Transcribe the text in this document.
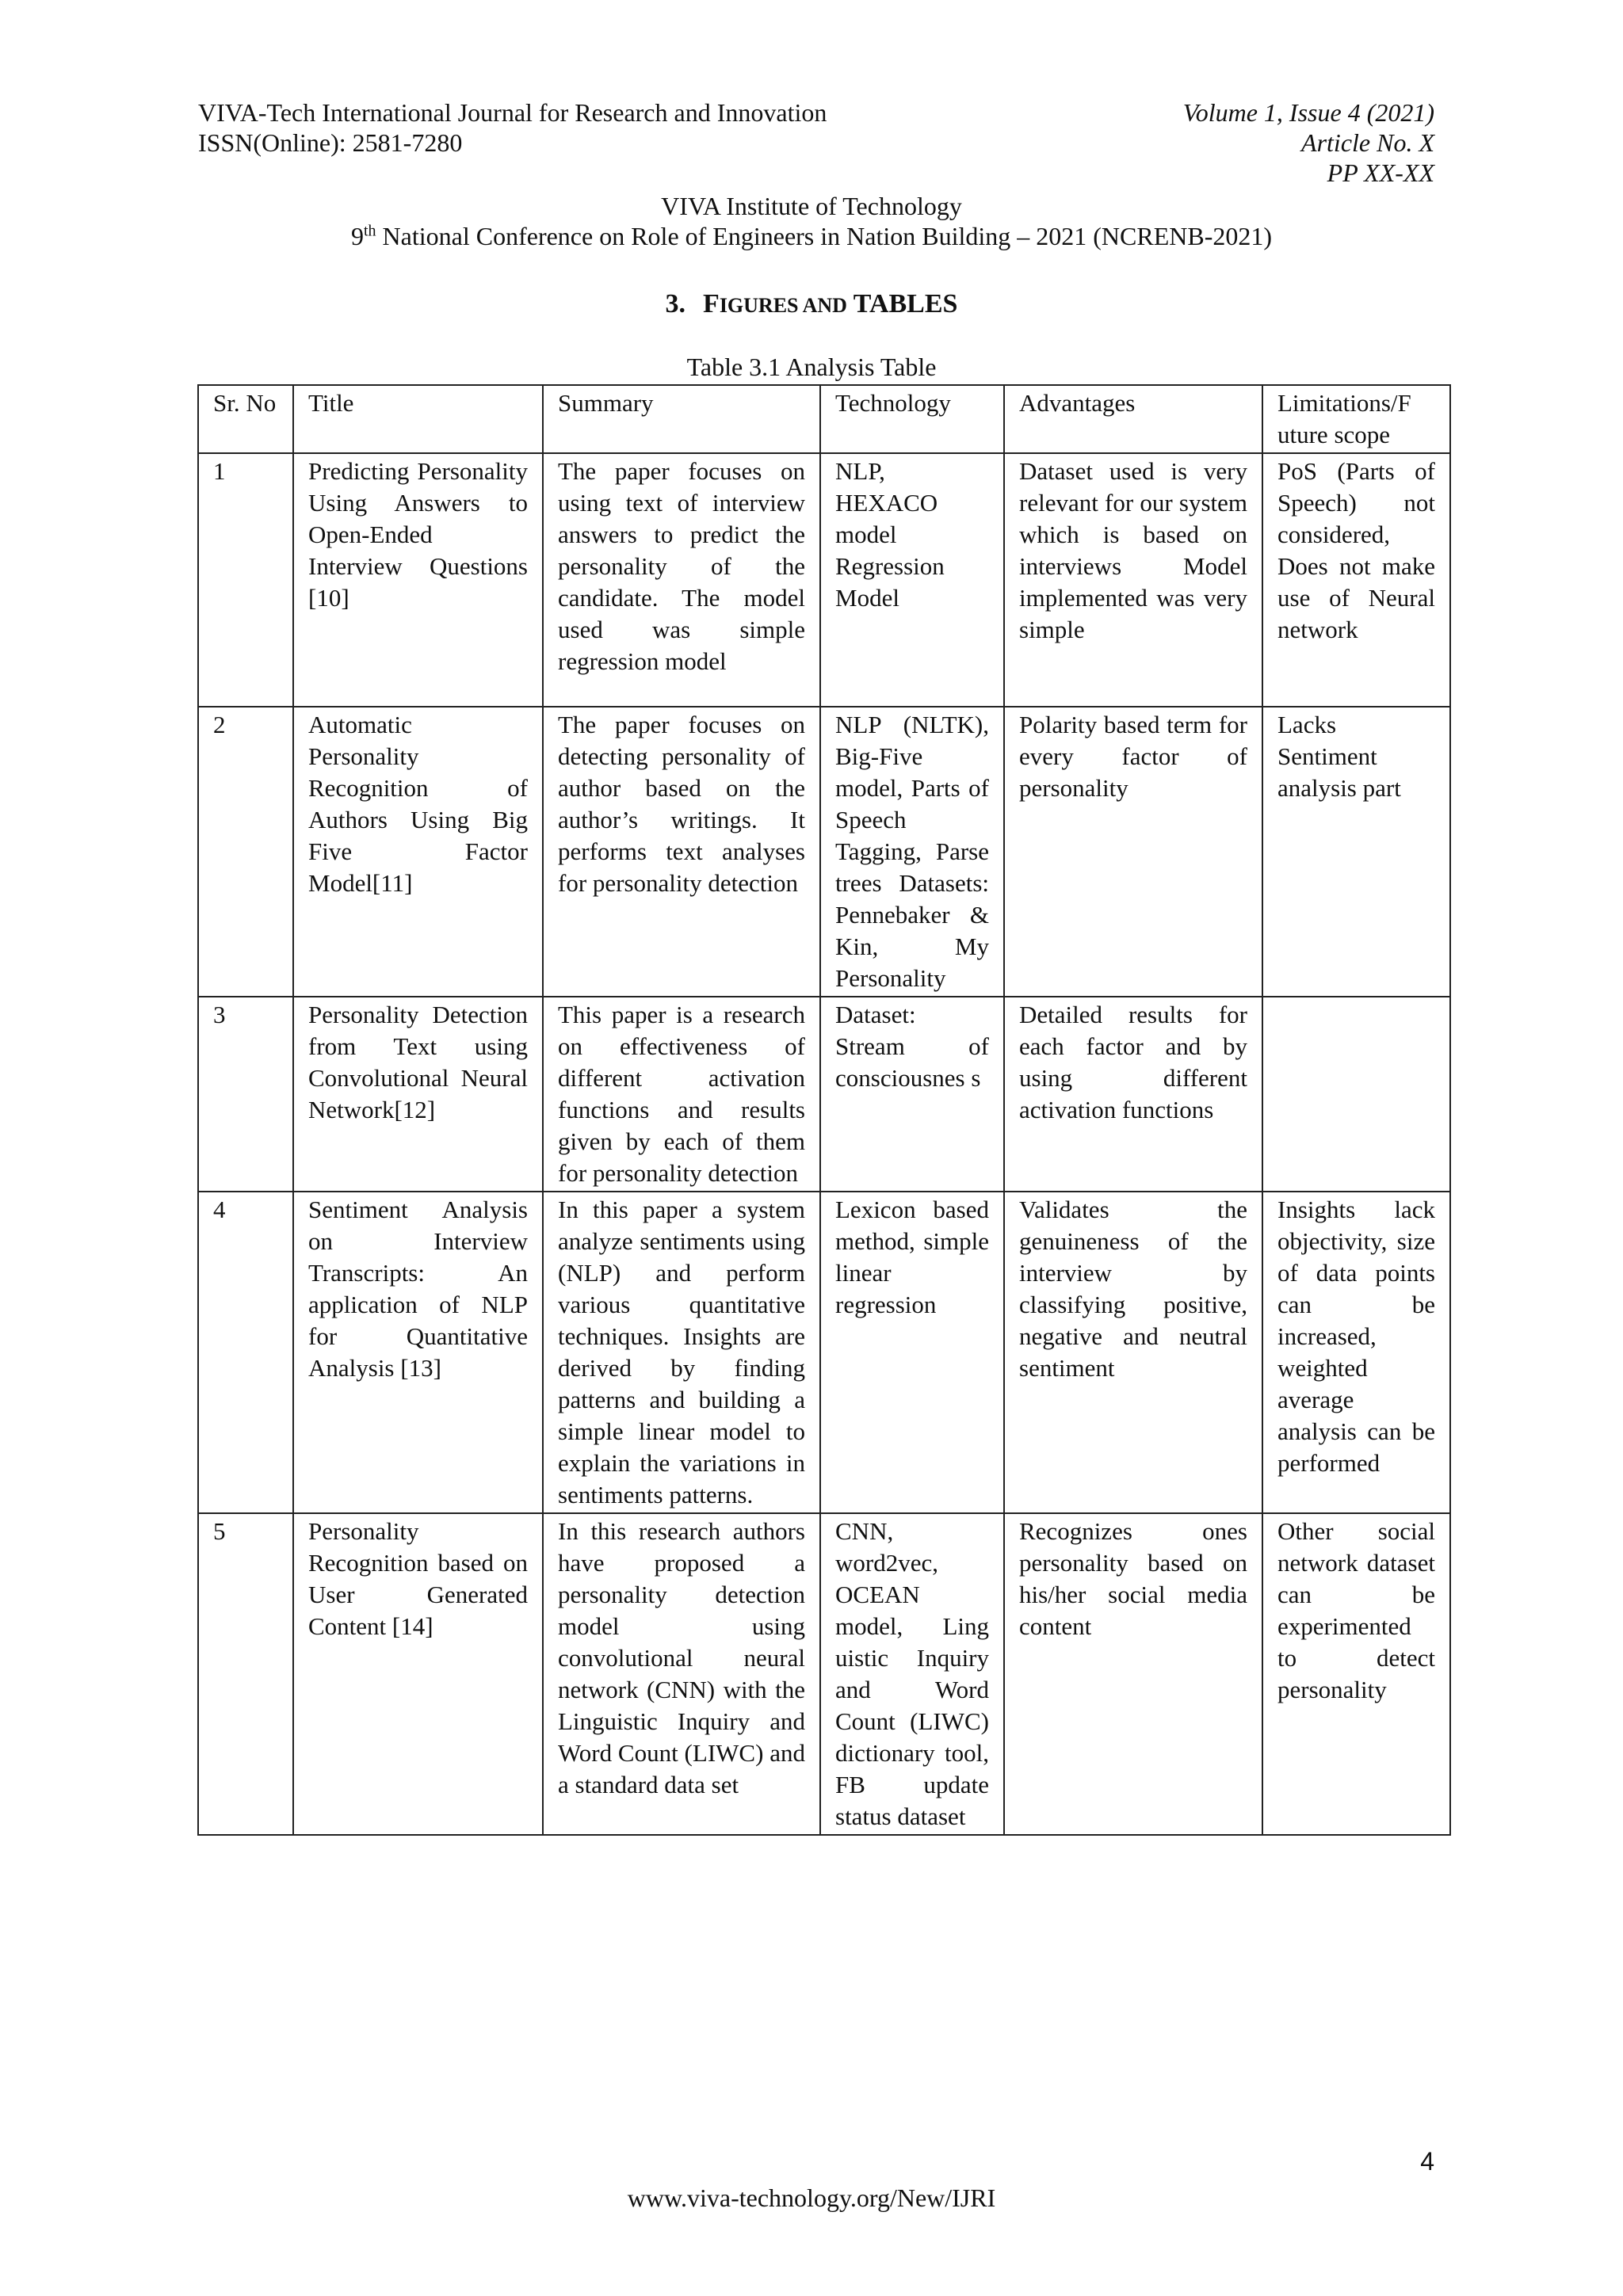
VIVA-Tech International Journal for Research and Innovation
ISSN(Online): 2581-7280
Volume 1, Issue 4 (2021)
Article No. X
PP XX-XX
VIVA Institute of Technology
9th National Conference on Role of Engineers in Nation Building – 2021 (NCRENB-2021)
3. FIGURES AND TABLES
Table 3.1 Analysis Table
Sr. No	Title	Summary	Technology	Advantages	Limitations/F uture scope
1	Predicting Personality Using Answers to Open-Ended Interview Questions [10]	The paper focuses on using text of interview answers to predict the personality of the candidate. The model used was simple regression model	NLP, HEXACO model Regression Model	Dataset used is very relevant for our system which is based on interviews Model implemented was very simple	PoS (Parts of Speech) not considered, Does not make use of Neural network
2	Automatic Personality Recognition of Authors Using Big Five Factor Model[11]	The paper focuses on detecting personality of author based on the author’s writings. It performs text analyses for personality detection	NLP (NLTK), Big-Five model, Parts of Speech Tagging, Parse trees Datasets: Pennebaker & Kin, My Personality	Polarity based term for every factor of personality	Lacks Sentiment analysis part
3	Personality Detection from Text using Convolutional Neural Network[12]	This paper is a research on effectiveness of different activation functions and results given by each of them for personality detection	Dataset: Stream of consciousnes s	Detailed results for each factor and by using different activation functions	
4	Sentiment Analysis on Interview Transcripts: An application of NLP for Quantitative Analysis [13]	In this paper a system analyze sentiments using (NLP) and perform various quantitative techniques. Insights are derived by finding patterns and building a simple linear model to explain the variations in sentiments patterns.	Lexicon based method, simple linear regression	Validates the genuineness of the interview by classifying positive, negative and neutral sentiment	Insights lack objectivity, size of data points can be increased, weighted average analysis can be performed
5	Personality Recognition based on User Generated Content [14]	In this research authors have proposed a personality detection model using convolutional neural network (CNN) with the Linguistic Inquiry and Word Count (LIWC) and a standard data set	CNN, word2vec, OCEAN model, Ling uistic Inquiry and Word Count (LIWC) dictionary tool, FB update status dataset	Recognizes ones personality based on his/her social media content	Other social network dataset can be experimented to detect personality
4
www.viva-technology.org/New/IJRI
